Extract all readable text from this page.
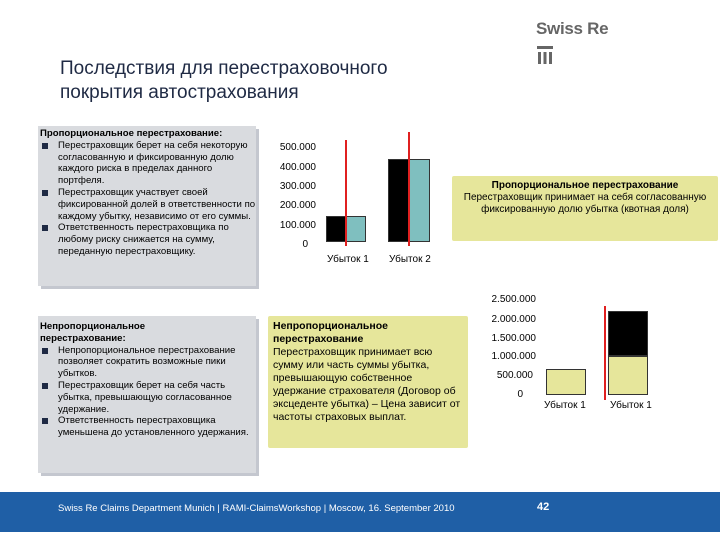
Swiss Re
Последствия для перестраховочного
покрытия автострахования
Пропорциональное перестрахование:
Перестраховщик берет на себя некоторую согласованную и фиксированную долю каждого риска в пределах данного портфеля.
Перестраховщик участвует своей фиксированной долей в ответственности по каждому убытку, независимо от его суммы.
Ответственность перестраховщика по любому риску снижается на сумму, переданную перестраховщику.
500.000
400.000
300.000
200.000
100.000
0
Убыток 1 Убыток 2
Пропорциональное перестрахование
Перестраховщик принимает на себя согласованную фиксированную долю убытка (квотная доля)
Непропорциональное
перестрахование:
Непропорциональное перестрахование позволяет сократить возможные пики убытков.
Перестраховщик берет на себя часть убытка, превышающую согласованное удержание.
Ответственность перестраховщика уменьшена до установленного удержания.
Непропорциональное перестрахование
Перестраховщик принимает всю сумму или часть суммы убытка, превышающую собственное удержание страхователя (Договор об эксцеденте убытка) – Цена зависит от частоты страховых выплат.
2.500.000
2.000.000
1.500.000
1.000.000
500.000
0
Убыток 1 Убыток 1
Swiss Re Claims Department Munich | RAMI-ClaimsWorkshop | Moscow, 16. September 2010	42
